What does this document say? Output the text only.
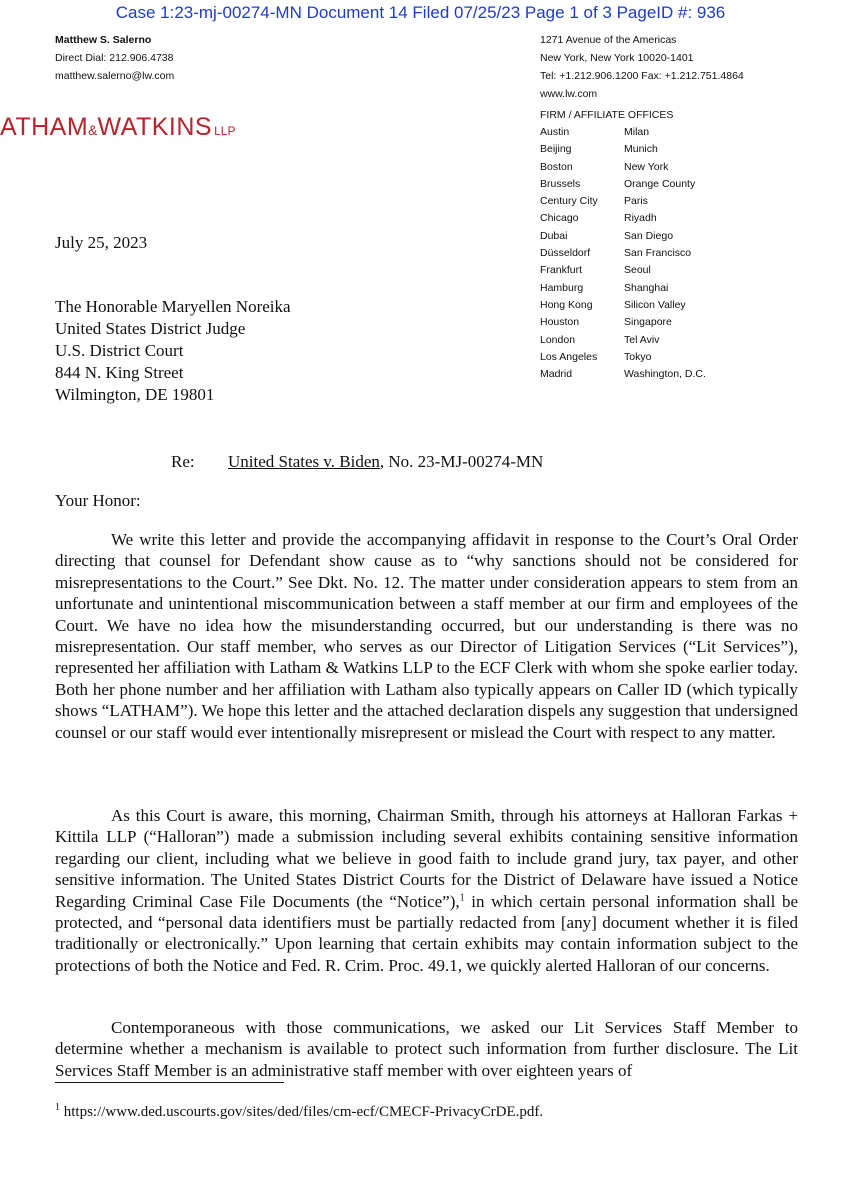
Case 1:23-mj-00274-MN Document 14 Filed 07/25/23 Page 1 of 3 PageID #: 936
Matthew S. Salerno
Direct Dial: 212.906.4738
matthew.salerno@lw.com
1271 Avenue of the Americas
New York, New York 10020-1401
Tel: +1.212.906.1200 Fax: +1.212.751.4864
www.lw.com
ATHAM&WATKINS LLP
FIRM / AFFILIATE OFFICES
Austin	Milan
Beijing	Munich
Boston	New York
Brussels	Orange County
Century City	Paris
Chicago	Riyadh
Dubai	San Diego
Düsseldorf	San Francisco
Frankfurt	Seoul
Hamburg	Shanghai
Hong Kong	Silicon Valley
Houston	Singapore
London	Tel Aviv
Los Angeles	Tokyo
Madrid	Washington, D.C.
July 25, 2023
The Honorable Maryellen Noreika
United States District Judge
U.S. District Court
844 N. King Street
Wilmington, DE 19801
Re: United States v. Biden, No. 23-MJ-00274-MN
Your Honor:

We write this letter and provide the accompanying affidavit in response to the Court’s Oral Order directing that counsel for Defendant show cause as to “why sanctions should not be considered for misrepresentations to the Court.” See Dkt. No. 12. The matter under consideration appears to stem from an unfortunate and unintentional miscommunication between a staff member at our firm and employees of the Court. We have no idea how the misunderstanding occurred, but our understanding is there was no misrepresentation. Our staff member, who serves as our Director of Litigation Services (“Lit Services”), represented her affiliation with Latham & Watkins LLP to the ECF Clerk with whom she spoke earlier today. Both her phone number and her affiliation with Latham also typically appears on Caller ID (which typically shows “LATHAM”). We hope this letter and the attached declaration dispels any suggestion that undersigned counsel or our staff would ever intentionally misrepresent or mislead the Court with respect to any matter.

As this Court is aware, this morning, Chairman Smith, through his attorneys at Halloran Farkas + Kittila LLP (“Halloran”) made a submission including several exhibits containing sensitive information regarding our client, including what we believe in good faith to include grand jury, tax payer, and other sensitive information. The United States District Courts for the District of Delaware have issued a Notice Regarding Criminal Case File Documents (the “Notice”),$^1$ in which certain personal information shall be protected, and “personal data identifiers must be partially redacted from [any] document whether it is filed traditionally or electronically.” Upon learning that certain exhibits may contain information subject to the protections of both the Notice and Fed. R. Crim. Proc. 49.1, we quickly alerted Halloran of our concerns.

Contemporaneous with those communications, we asked our Lit Services Staff Member to determine whether a mechanism is available to protect such information from further disclosure. The Lit Services Staff Member is an administrative staff member with over eighteen years of

$^1$ https://www.ded.uscourts.gov/sites/ded/files/cm-ecf/CMECF-PrivacyCrDE.pdf.
